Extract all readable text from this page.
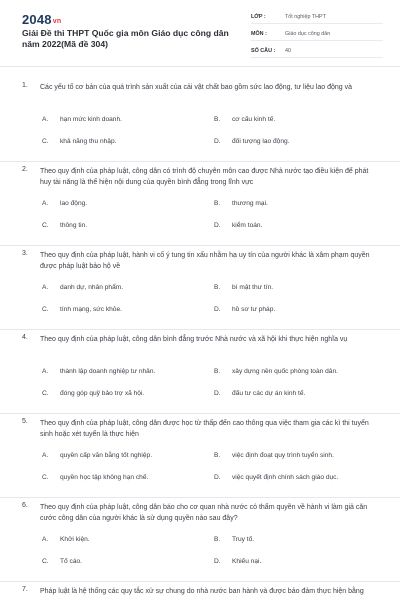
2048vn
Giải Đề thi THPT Quốc gia môn Giáo dục công dân năm 2022(Mã đề 304)
LỚP :	Tốt nghiệp THPT
MÔN :	Giáo dục công dân
SỐ CÂU :	40
1. Các yếu tố cơ bản của quá trình sản xuất của cải vật chất bao gồm sức lao động, tư liệu lao động và
A. hạn mức kinh doanh.	B. cơ cấu kinh tế.
C. khả năng thu nhập.	D. đối tượng lao động.
2. Theo quy định của pháp luật, công dân có trình độ chuyên môn cao được Nhà nước tạo điều kiện để phát huy tài năng là thể hiện nội dung của quyền bình đẳng trong lĩnh vực
A. lao động.	B. thương mại.
C. thông tin.	D. kiểm toán.
3. Theo quy định của pháp luật, hành vi cố ý tung tin xấu nhằm hạ uy tín của người khác là xâm phạm quyền được pháp luật bảo hộ về
A. danh dự, nhân phẩm.	B. bí mật thư tín.
C. tính mạng, sức khỏe.	D. hồ sơ tư pháp.
4. Theo quy định của pháp luật, công dân bình đẳng trước Nhà nước và xã hội khi thực hiện nghĩa vụ
A. thành lập doanh nghiệp tư nhân.	B. xây dựng nền quốc phòng toàn dân.
C. đóng góp quỹ bảo trợ xã hội.	D. đấu tư các dự án kinh tế.
5. Theo quy định của pháp luật, công dân được học từ thấp đến cao thông qua việc tham gia các kì thi tuyển sinh hoặc xét tuyển là thực hiện
A. quyền cấp văn bằng tốt nghiệp.	B. việc định đoạt quy trình tuyển sinh.
C. quyền học tập không hạn chế.	D. việc quyết định chính sách giáo dục.
6. Theo quy định của pháp luật, công dân báo cho cơ quan nhà nước có thẩm quyền về hành vi làm giả căn cước công dân của người khác là sử dụng quyền nào sau đây?
A. Khởi kiện.	B. Truy tố.
C. Tố cáo.	D. Khiếu nại.
7. Pháp luật là hệ thống các quy tắc xử sự chung do nhà nước ban hành và được bảo đảm thực hiện bằng
